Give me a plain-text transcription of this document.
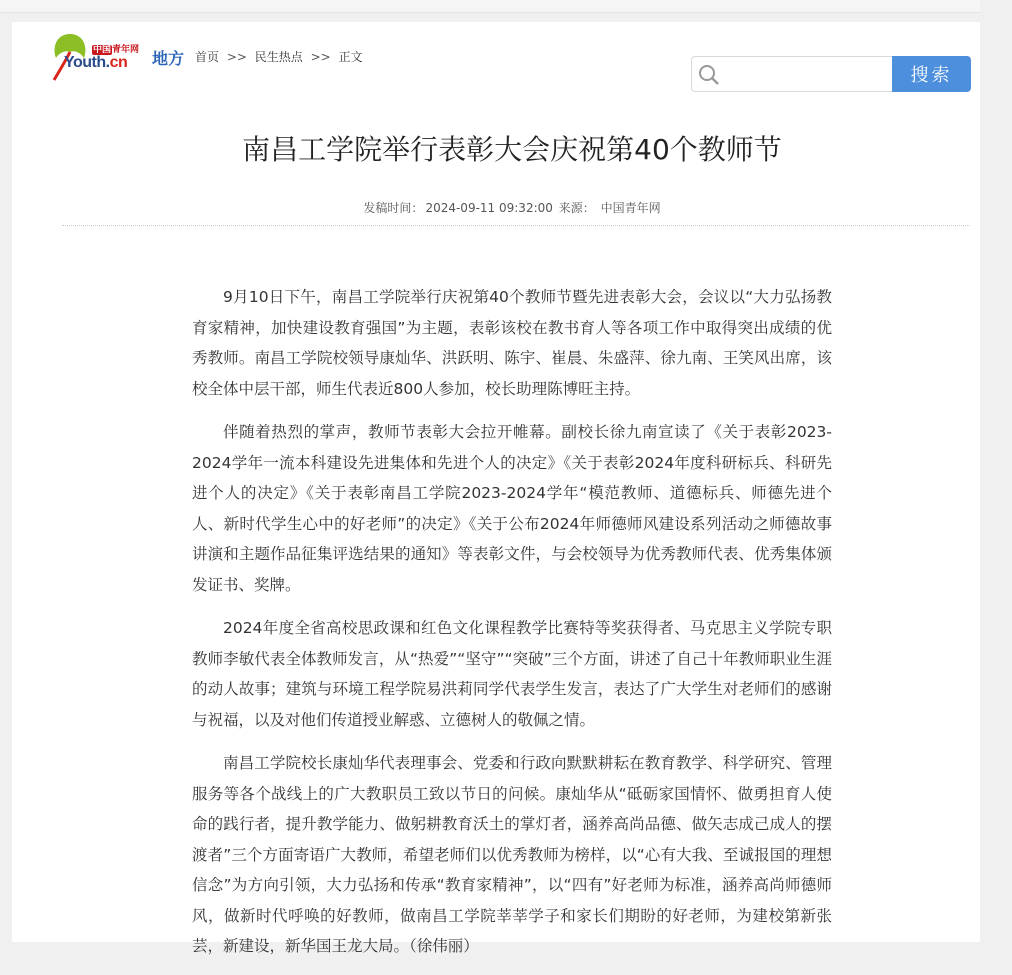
中国青年网
Youth.cn 地方 首页 >> 民生热点 >> 正文
搜索
南昌工学院举行表彰大会庆祝第40个教师节
发稿时间： 2024-09-11 09:32:00 来源： 中国青年网

9月10日下午，南昌工学院举行庆祝第40个教师节暨先进表彰大会，会议以“大力弘扬教育家精神，加快建设教育强国”为主题，表彰该校在教书育人等各项工作中取得突出成绩的优秀教师。南昌工学院校领导康灿华、洪跃明、陈宇、崔晨、朱盛萍、徐九南、王笑风出席，该校全体中层干部，师生代表近800人参加，校长助理陈博旺主持。

伴随着热烈的掌声，教师节表彰大会拉开帷幕。副校长徐九南宣读了《关于表彰2023-2024学年一流本科建设先进集体和先进个人的决定》《关于表彰2024年度科研标兵、科研先进个人的决定》《关于表彰南昌工学院2023-2024学年“模范教师、道德标兵、师德先进个人、新时代学生心中的好老师”的决定》《关于公布2024年师德师风建设系列活动之师德故事讲演和主题作品征集评选结果的通知》等表彰文件，与会校领导为优秀教师代表、优秀集体颁发证书、奖牌。

2024年度全省高校思政课和红色文化课程教学比赛特等奖获得者、马克思主义学院专职教师李敏代表全体教师发言，从“热爱”“坚守”“突破”三个方面，讲述了自己十年教师职业生涯的动人故事；建筑与环境工程学院易洪莉同学代表学生发言，表达了广大学生对老师们的感谢与祝福，以及对他们传道授业解惑、立德树人的敬佩之情。

南昌工学院校长康灿华代表理事会、党委和行政向默默耕耘在教育教学、科学研究、管理服务等各个战线上的广大教职员工致以节日的问候。康灿华从“砥砺家国情怀、做勇担育人使命的践行者，提升教学能力、做躬耕教育沃土的掌灯者，涵养高尚品德、做矢志成己成人的摆渡者”三个方面寄语广大教师，希望老师们以优秀教师为榜样，以“心有大我、至诚报国的理想信念”为方向引领，大力弘扬和传承“教育家精神”，以“四有”好老师为标准，涵养高尚师德师风，做新时代呼唤的好教师，做南昌工学院莘莘学子和家长们期盼的好老师，为建校第新张芸，新建设，新华国王龙大局。（徐伟丽）
